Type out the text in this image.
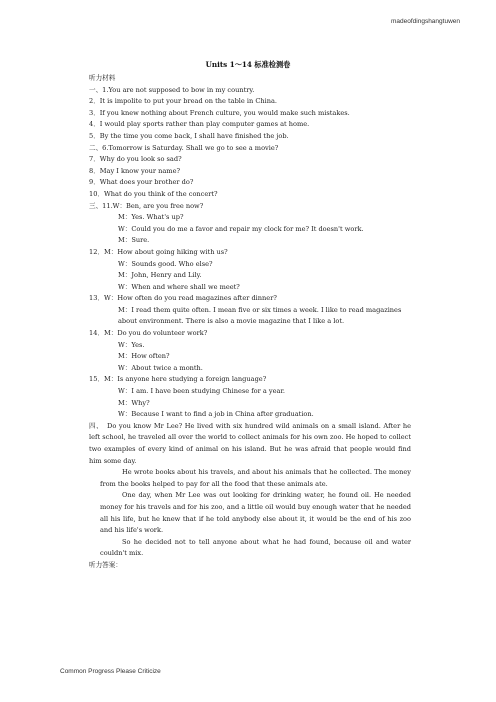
madeofdingshangtuwen
Units 1～14 标准检测卷
听力材料
一、1.You are not supposed to bow in my country.
2．It is impolite to put your bread on the table in China.
3．If you knew nothing about French culture, you would make such mistakes.
4．I would play sports rather than play computer games at home.
5．By the time you come back, I shall have finished the job.
二、6.Tomorrow is Saturday. Shall we go to see a movie?
7．Why do you look so sad?
8．May I know your name?
9．What does your brother do?
10．What do you think of the concert?
三、11.W：Ben, are you free now?
M：Yes. What's up?
W：Could you do me a favor and repair my clock for me? It doesn't work.
M：Sure.
12．M：How about going hiking with us?
W：Sounds good. Who else?
M：John, Henry and Lily.
W：When and where shall we meet?
13．W：How often do you read magazines after dinner?
M：I read them quite often. I mean five or six times a week. I like to read magazines
about environment. There is also a movie magazine that I like a lot.
14．M：Do you do volunteer work?
W：Yes.
M：How often?
W：About twice a month.
15．M：Is anyone here studying a foreign language?
W：I am. I have been studying Chinese for a year.
M：Why?
W：Because I want to find a job in China after graduation.
四、　Do you know Mr Lee? He lived with six hundred wild animals on a small island. After he left school, he traveled all over the world to collect animals for his own zoo. He hoped to collect two examples of every kind of animal on his island. But he was afraid that people would find him some day.
He wrote books about his travels, and about his animals that he collected. The money from the books helped to pay for all the food that these animals ate.
One day, when Mr Lee was out looking for drinking water, he found oil. He needed money for his travels and for his zoo, and a little oil would buy enough water that he needed all his life, but he knew that if he told anybody else about it, it would be the end of his zoo and his life's work.
So he decided not to tell anyone about what he had found, because oil and water couldn't mix.
听力答案：
Common Progress Please Criticize
